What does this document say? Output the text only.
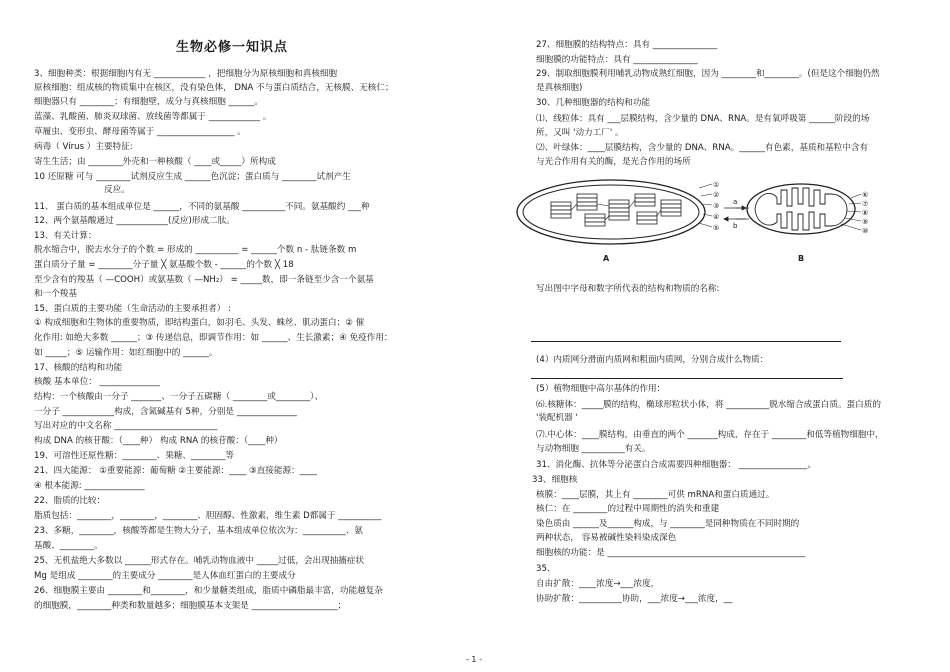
生物必修一知识点
3、细胞种类：根据细胞内有无 ____________ ，把细胞分为原核细胞和真核细胞
原核细胞：组成核的物质集中在核区，没有染色体， DNA 不与蛋白质结合，无核膜、无核仁；
细胞器只有 ________；有细胞壁，成分与真核细胞 ______。
蓝藻、乳酸菌、肺炎双球菌、放线菌等都属于 ____________ 。
草履虫、变形虫、酵母菌等属于 __________________ 。
病毒（ Virus ）主要特征:
寄生生活；由 ________外壳和一种核酸（ ____或_____）所构成
10 还原糖 可与 ________试剂反应生成 ______色沉淀；蛋白质与 ________试剂产生
反应。
11、 蛋白质的基本组成单位是 ______，不同的氨基酸 __________不同。氨基酸约 ___种
12、两个氨基酸通过 ____________(反应)形成二肽。
13、有关计算：
脱水缩合中，脱去水分子的个数 = 形成的 __________ = ______个数 n - 肽链条数 m
蛋白质分子量 = ________分子量 ╳ 氨基酸个数 - ______的个数 ╳ 18
至少含有的羧基（ —COOH）或氨基数（ —NH₂） = _____数，即一条链至少含一个氨基
和一个羧基
15、蛋白质的主要功能（生命活动的主要承担者） :
① 构成细胞和生物体的重要物质，即结构蛋白，如羽毛、头发、蛛丝、肌动蛋白；② 催
化作用: 如绝大多数 ______；③ 传递信息，即调节作用：如 ______、生长激素；④ 免疫作用：
如 _____；⑤ 运输作用：如红细胞中的 ______。
17、核酸的结构和功能
核酸 基本单位： ______________
结构：一个核酸由一分子 _______、一分子五碳糖（ ________或________）、
一分子 ____________构成，含氮碱基有 5种，分别是 ______________
写出对应的中文名称 ________________________
构成 DNA 的核苷酸：（____种） 构成 RNA 的核苷酸：（____种）
19、可溶性还原性糖：________、果糖、________等
21、四大能源： ①重要能源：葡萄糖 ②主要能源：____ ③直接能源：____
④ 根本能源: ______________
22、脂质的比较：
脂质包括：________，________，________、胆固醇、性激素，维生素 D都属于 __________
23、多糖，________，核酸等都是生物大分子，基本组成单位依次为：__________、氨
基酸、________。
25、无机盐绝大多数以 ______形式存在。哺乳动物血液中 _____过低，会出现抽搐症状
Mg 是组成 ________的主要成分 ________是人体血红蛋白的主要成分
26、细胞膜主要由 ________和________，和少量糖类组成，脂质中磷脂最丰富，功能越复杂
的细胞膜，________种类和数量越多；细胞膜基本支架是 ____________________；
27、细胞膜的结构特点：具有 _______________
细胞膜的功能特点：具有 _______________
29、制取细胞膜利用哺乳动物成熟红细胞，因为 ________和________。(但是这个细胞仍然
是真核细胞)
30、几种细胞器的结构和功能
⑴、线粒体：具有 ___层膜结构，含少量的 DNA、RNA。是有氧呼吸第 ______阶段的场
所，又叫 '动力工厂' 。
⑵、叶绿体：____层膜结构，含少量的 DNA、RNA。______有色素，基质和基粒中含有
与光合作用有关的酶，是光合作用的场所
写出图中字母和数字所代表的结构和物质的名称:
(4）内质网分滑面内质网和粗面内质网，分别合成什么物质：
(5）植物细胞中高尔基体的作用：
⑹.核糖体：_____膜的结构，椭球形粒状小体，将 __________脱水缩合成蛋白质。蛋白质的
'装配机器 '
⑺.中心体：____膜结构，由垂直的两个 _______构成，存在于 ________和低等植物细胞中，
与动物细胞 __________有关。
31、消化酶、抗体等分泌蛋白合成需要四种细胞器： ________________。
33、细胞核
核膜：____层膜，其上有 ________可供 mRNA和蛋白质通过。
核仁：在 ________的过程中周期性的消失和重建
染色质由 ______及______构成，与 ________是同种物质在不同时期的
两种状态， 容易被碱性染料染成深色
细胞核的功能：是 ______________________________________________
35、
自由扩散：____浓度→___浓度，
协助扩散：__________协助，___浓度→___浓度，__
①
②
③
④
⑤
a
b
⑥
⑦
⑧
⑨
⑩
A	B
- 1 -
